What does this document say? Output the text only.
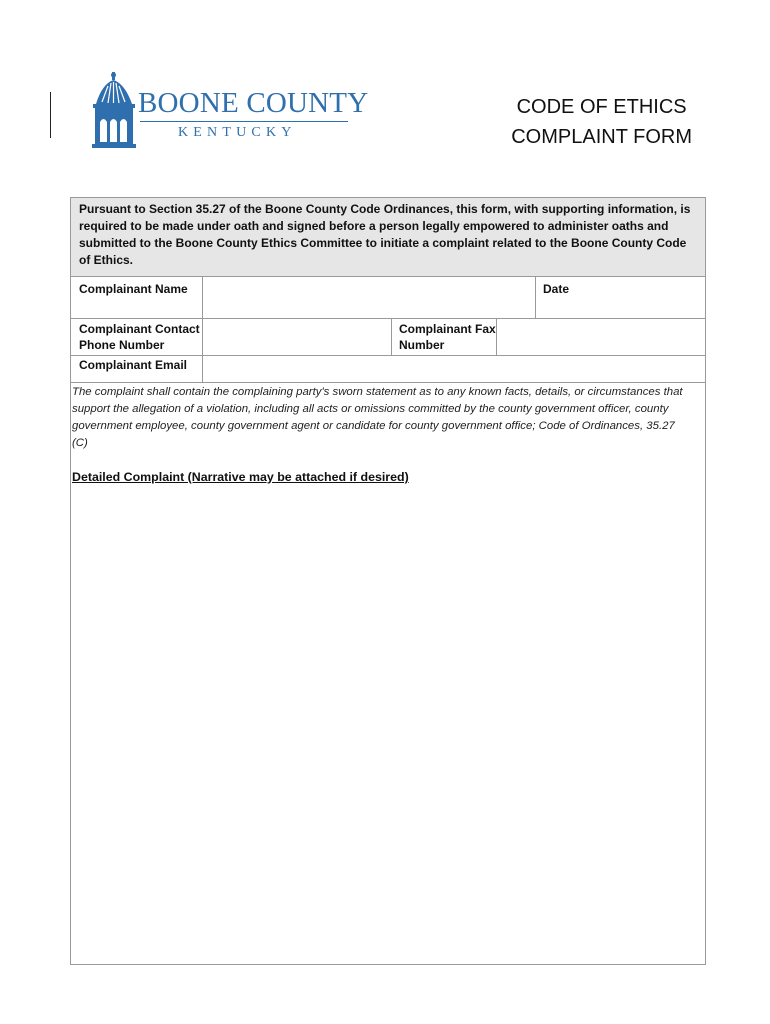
BOONE COUNTY
KENTUCKY
CODE OF ETHICS
COMPLAINT FORM
Pursuant to Section 35.27 of the Boone County Code Ordinances, this form, with supporting information, is required to be made under oath and signed before a person legally empowered to administer oaths and submitted to the Boone County Ethics Committee to initiate a complaint related to the Boone County Code of Ethics.
Complainant Name	Date
Complainant Contact
Phone Number
Complainant Fax
Number
Complainant Email
The complaint shall contain the complaining party's sworn statement as to any known facts, details, or circumstances that support the allegation of a violation, including all acts or omissions committed by the county government officer, county government employee, county government agent or candidate for county government office; Code of Ordinances, 35.27 (C)
Detailed Complaint (Narrative may be attached if desired)
